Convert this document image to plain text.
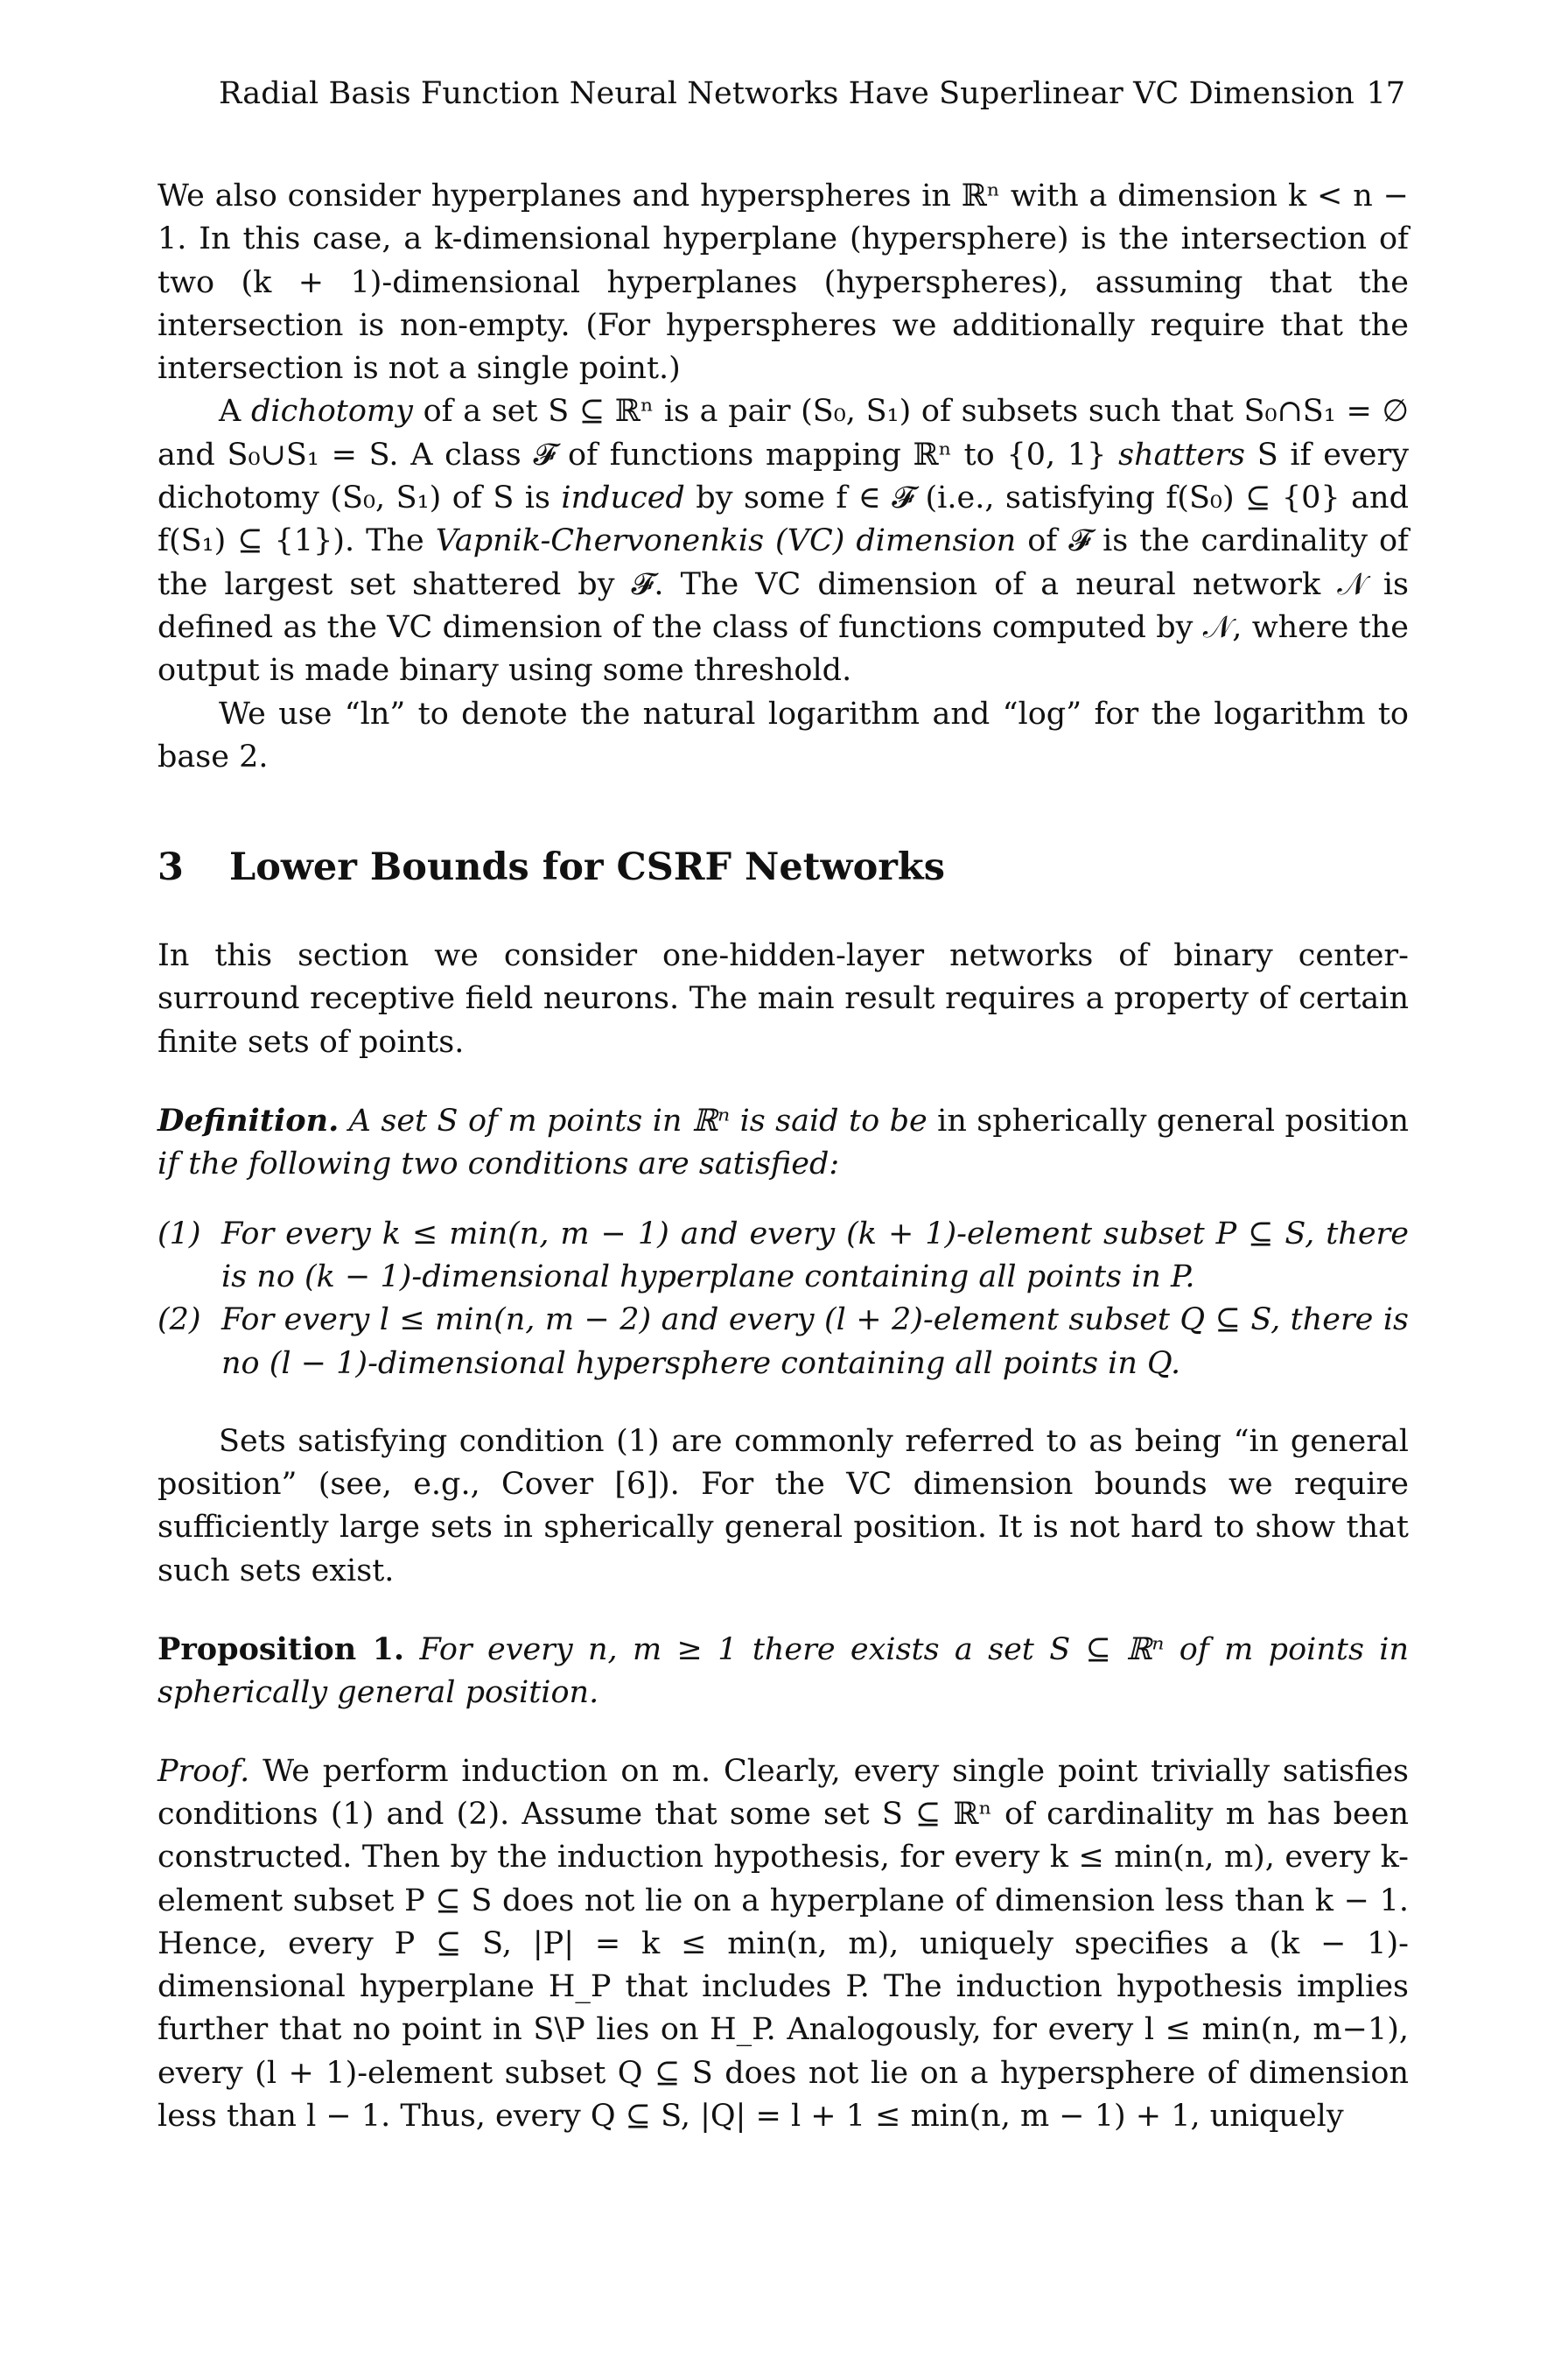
Radial Basis Function Neural Networks Have Superlinear VC Dimension 17

We also consider hyperplanes and hyperspheres in ℝⁿ with a dimension k < n − 1. In this case, a k-dimensional hyperplane (hypersphere) is the intersection of two (k + 1)-dimensional hyperplanes (hyperspheres), assuming that the intersection is non-empty. (For hyperspheres we additionally require that the intersection is not a single point.)

A dichotomy of a set S ⊆ ℝⁿ is a pair (S₀, S₁) of subsets such that S₀∩S₁ = ∅ and S₀∪S₁ = S. A class 𝓕 of functions mapping ℝⁿ to {0, 1} shatters S if every dichotomy (S₀, S₁) of S is induced by some f ∈ 𝓕 (i.e., satisfying f(S₀) ⊆ {0} and f(S₁) ⊆ {1}). The Vapnik-Chervonenkis (VC) dimension of 𝓕 is the cardinality of the largest set shattered by 𝓕. The VC dimension of a neural network 𝒩 is defined as the VC dimension of the class of functions computed by 𝒩, where the output is made binary using some threshold.

We use “ln” to denote the natural logarithm and “log” for the logarithm to base 2.

3 Lower Bounds for CSRF Networks

In this section we consider one-hidden-layer networks of binary center-surround receptive field neurons. The main result requires a property of certain finite sets of points.

Definition. A set S of m points in ℝⁿ is said to be in spherically general position if the following two conditions are satisfied:

(1) For every k ≤ min(n, m − 1) and every (k + 1)-element subset P ⊆ S, there is no (k − 1)-dimensional hyperplane containing all points in P.
(2) For every l ≤ min(n, m − 2) and every (l + 2)-element subset Q ⊆ S, there is no (l − 1)-dimensional hypersphere containing all points in Q.

Sets satisfying condition (1) are commonly referred to as being “in general position” (see, e.g., Cover [6]). For the VC dimension bounds we require sufficiently large sets in spherically general position. It is not hard to show that such sets exist.

Proposition 1. For every n, m ≥ 1 there exists a set S ⊆ ℝⁿ of m points in spherically general position.

Proof. We perform induction on m. Clearly, every single point trivially satisfies conditions (1) and (2). Assume that some set S ⊆ ℝⁿ of cardinality m has been constructed. Then by the induction hypothesis, for every k ≤ min(n, m), every k-element subset P ⊆ S does not lie on a hyperplane of dimension less than k − 1. Hence, every P ⊆ S, |P| = k ≤ min(n, m), uniquely specifies a (k − 1)-dimensional hyperplane H_P that includes P. The induction hypothesis implies further that no point in S\P lies on H_P. Analogously, for every l ≤ min(n, m−1), every (l + 1)-element subset Q ⊆ S does not lie on a hypersphere of dimension less than l − 1. Thus, every Q ⊆ S, |Q| = l + 1 ≤ min(n, m − 1) + 1, uniquely
